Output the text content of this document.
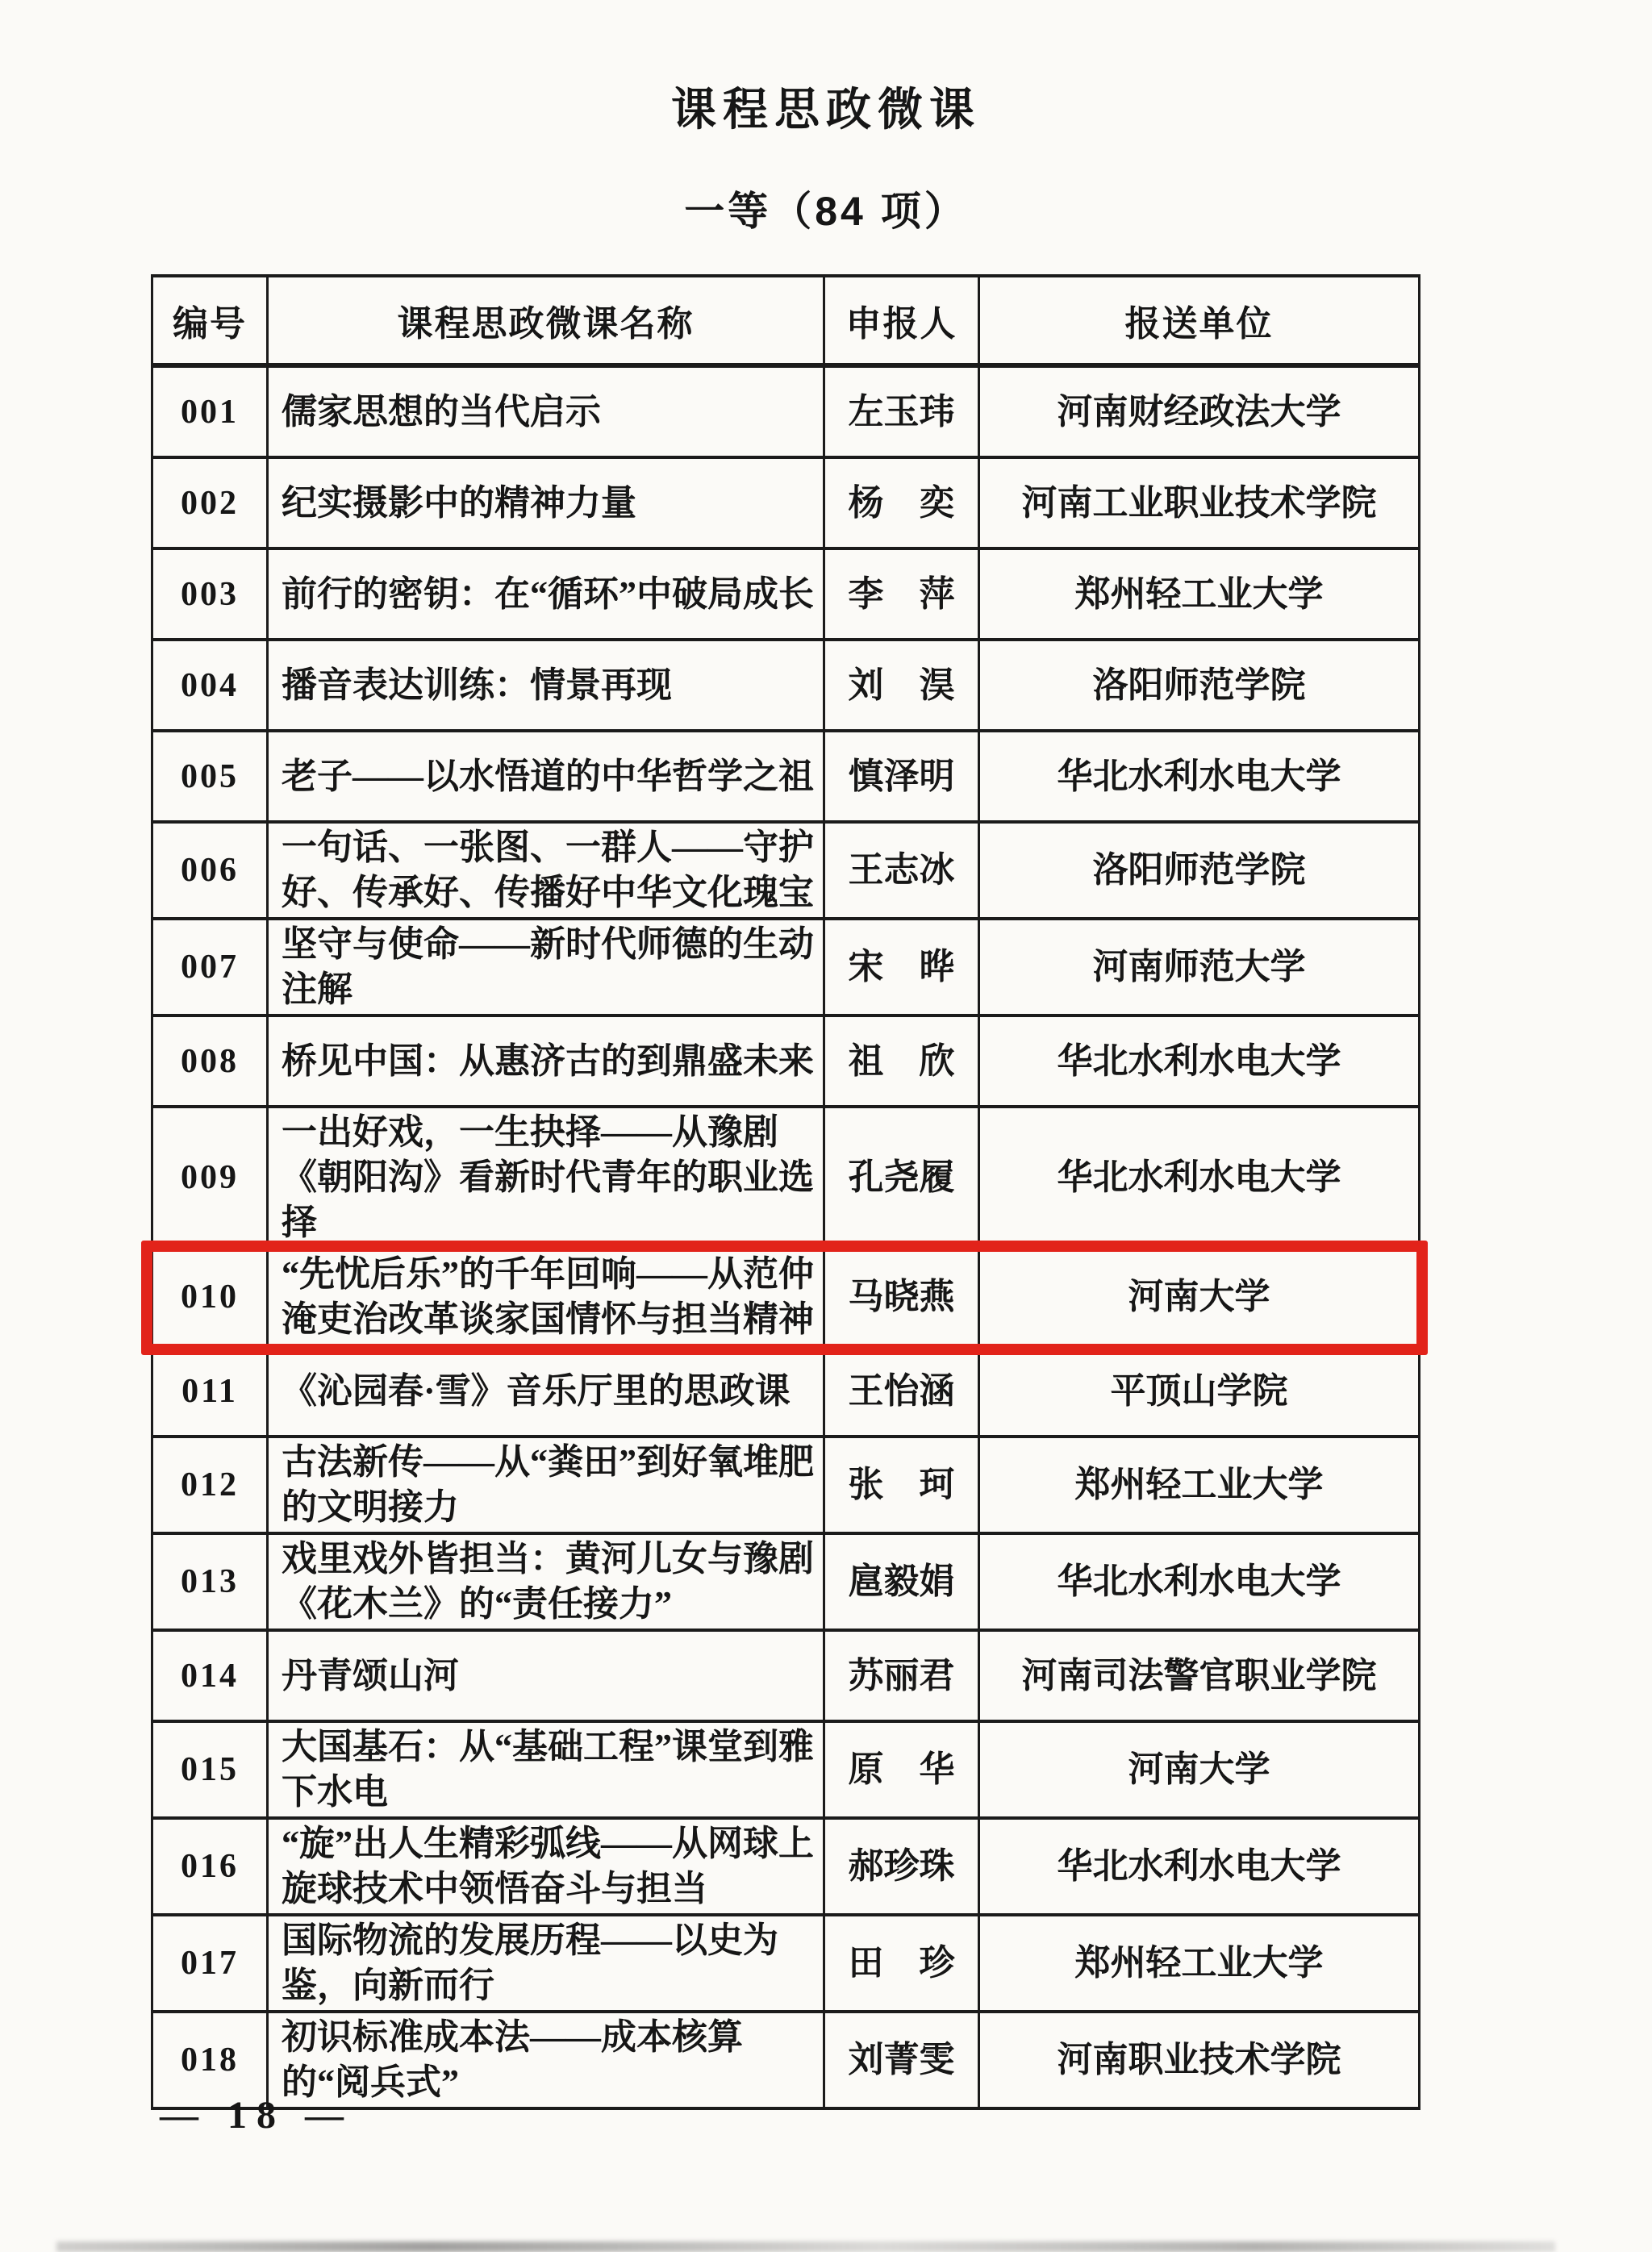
课程思政微课
一等（84 项）
编号	课程思政微课名称	申报人	报送单位
001	儒家思想的当代启示	左玉玮	河南财经政法大学
002	纪实摄影中的精神力量	杨　奕	河南工业职业技术学院
003	前行的密钥：在“循环”中破局成长	李　萍	郑州轻工业大学
004	播音表达训练：情景再现	刘　淏	洛阳师范学院
005	老子——以水悟道的中华哲学之祖	慎泽明	华北水利水电大学
006	一句话、一张图、一群人——守护好、传承好、传播好中华文化瑰宝	王志冰	洛阳师范学院
007	坚守与使命——新时代师德的生动注解	宋　晔	河南师范大学
008	桥见中国：从惠济古的到鼎盛未来	祖　欣	华北水利水电大学
009	一出好戏，一生抉择——从豫剧《朝阳沟》看新时代青年的职业选择	孔尧履	华北水利水电大学
010	“先忧后乐”的千年回响——从范仲淹吏治改革谈家国情怀与担当精神	马晓燕	河南大学
011	《沁园春·雪》音乐厅里的思政课	王怡涵	平顶山学院
012	古法新传——从“粪田”到好氧堆肥的文明接力	张　珂	郑州轻工业大学
013	戏里戏外皆担当：黄河儿女与豫剧《花木兰》的“责任接力”	扈毅娟	华北水利水电大学
014	丹青颂山河	苏丽君	河南司法警官职业学院
015	大国基石：从“基础工程”课堂到雅下水电	原　华	河南大学
016	“旋”出人生精彩弧线——从网球上旋球技术中领悟奋斗与担当	郝珍珠	华北水利水电大学
017	国际物流的发展历程——以史为鉴，向新而行	田　珍	郑州轻工业大学
018	初识标准成本法——成本核算的“阅兵式”	刘菁雯	河南职业技术学院
— 18 —
